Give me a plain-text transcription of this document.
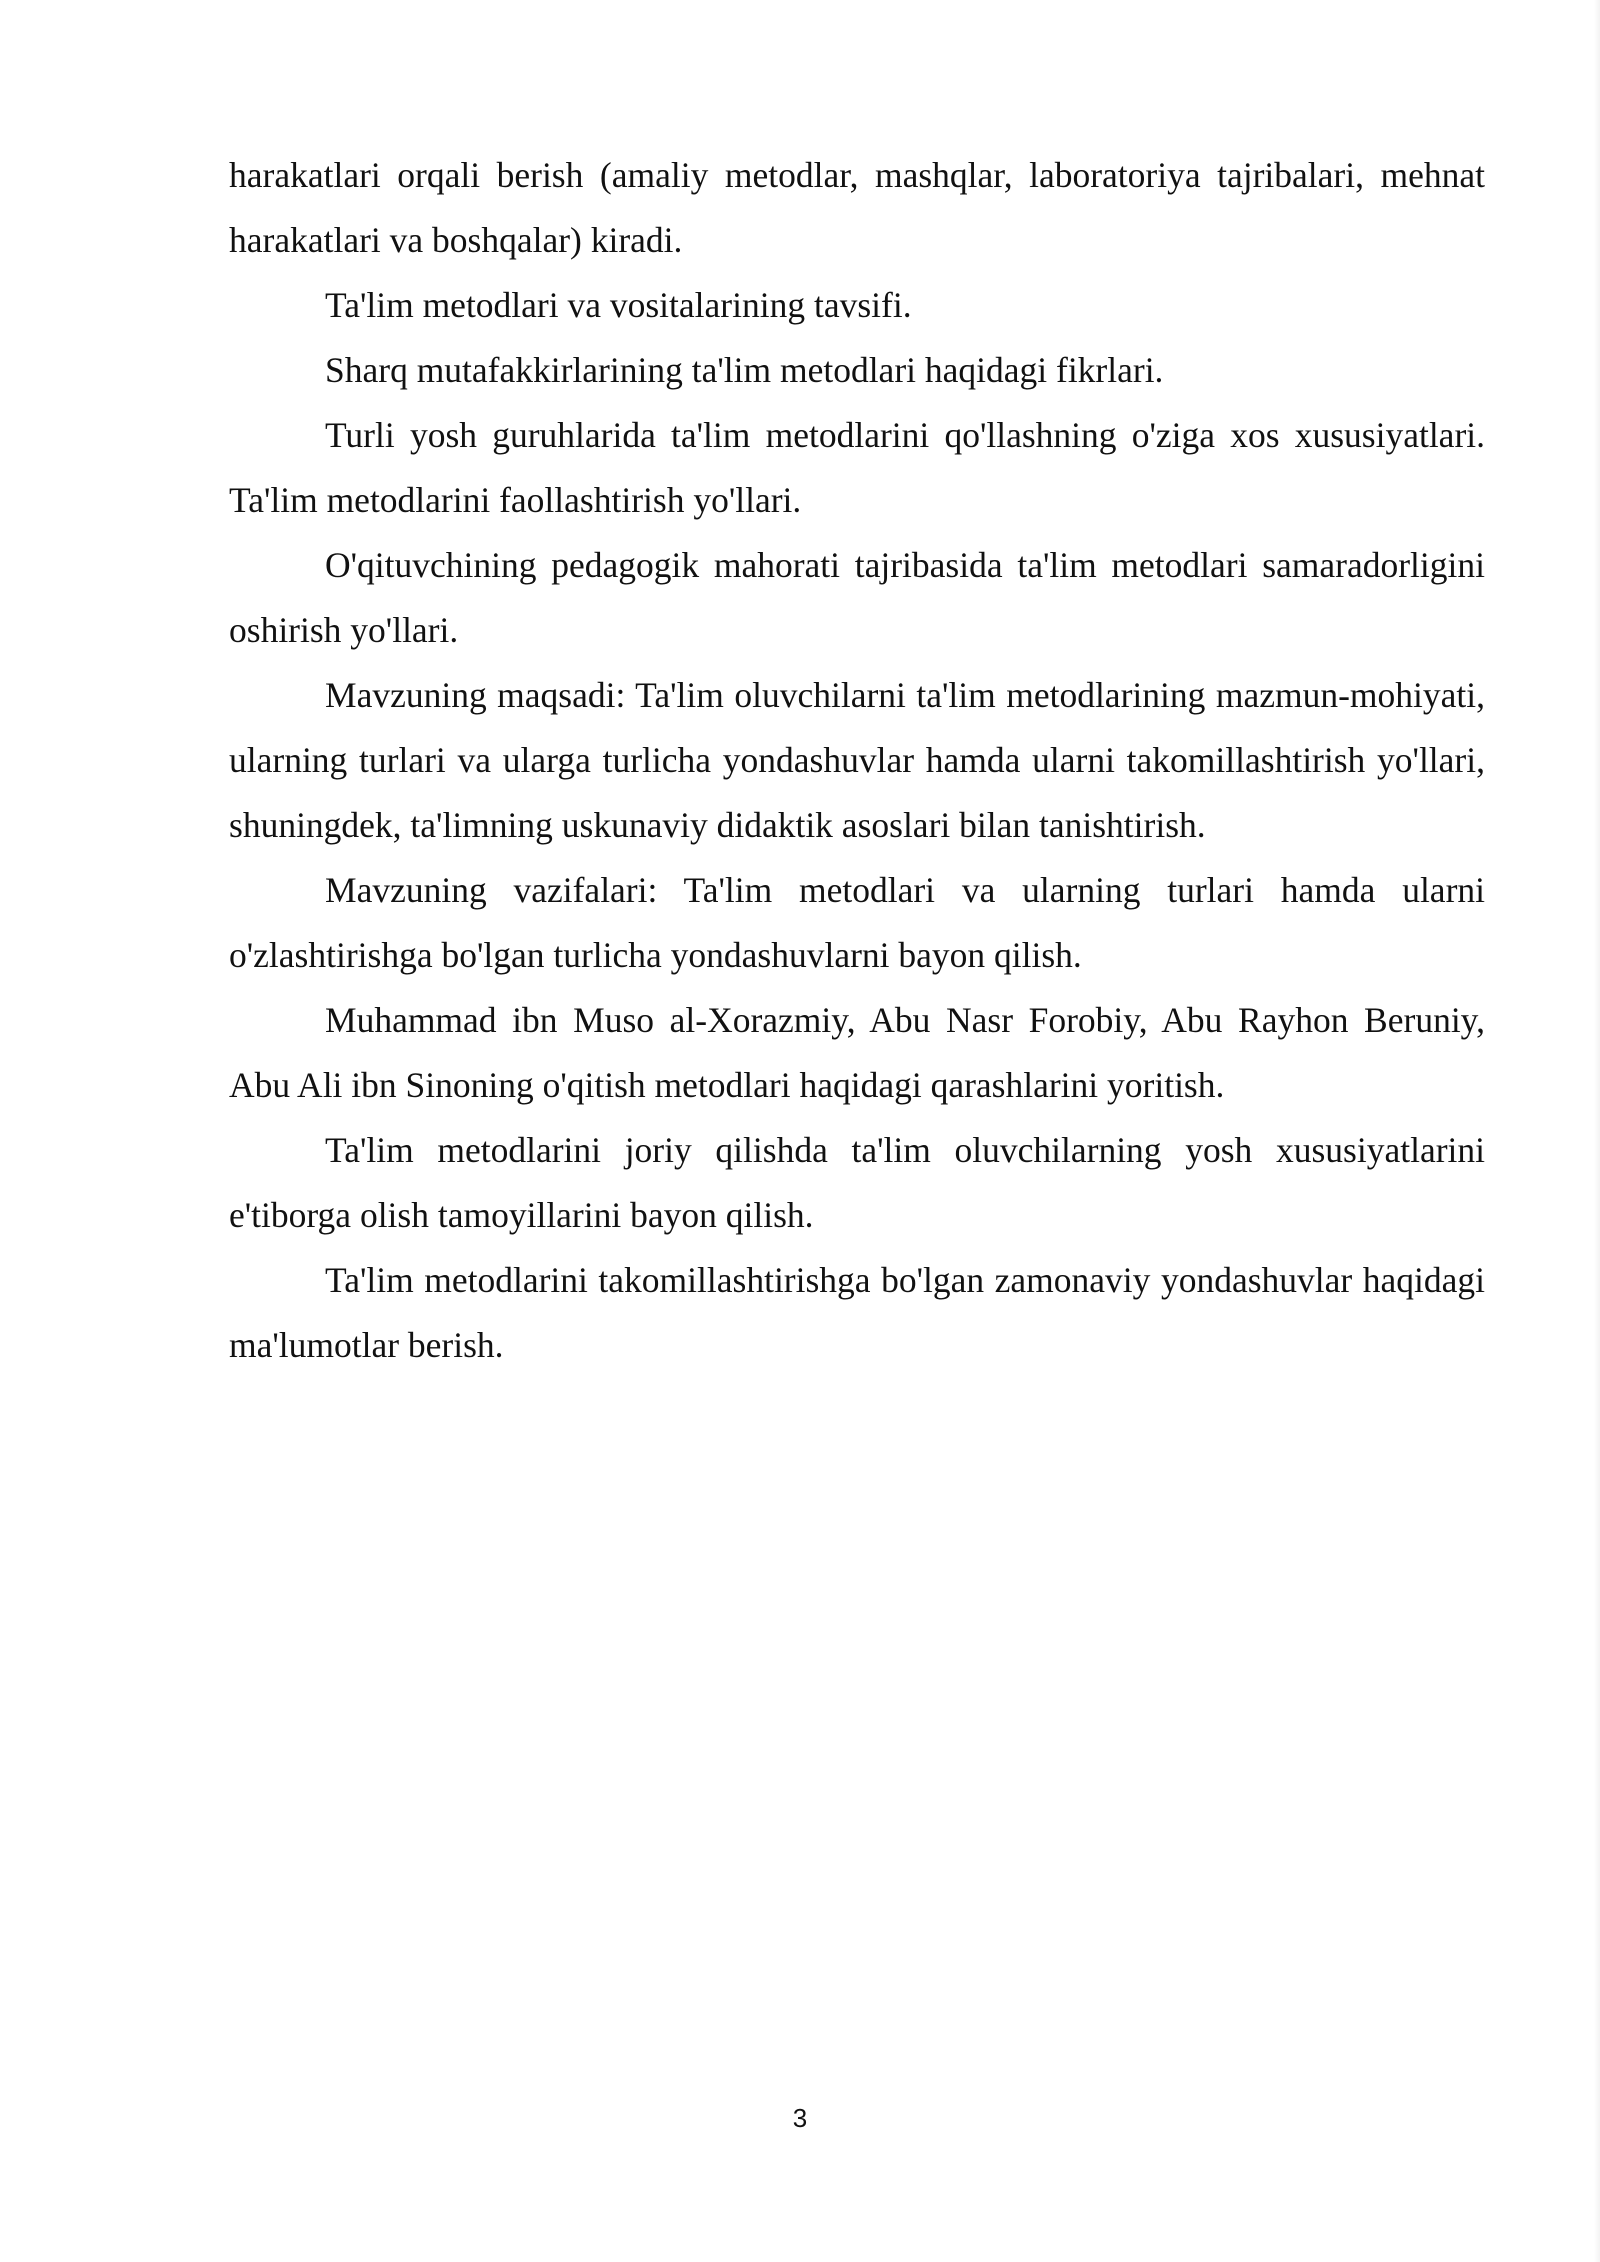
harakatlari orqali berish (amaliy metodlar, mashqlar, laboratoriya tajribalari, mehnat harakatlari va boshqalar) kiradi.

Ta'lim metodlari va vositalarining tavsifi.

Sharq mutafakkirlarining ta'lim metodlari haqidagi fikrlari.

Turli yosh guruhlarida ta'lim metodlarini qo'llashning o'ziga xos xususiyatlari. Ta'lim metodlarini faollashtirish yo'llari.

O'qituvchining pedagogik mahorati tajribasida ta'lim metodlari samaradorligini oshirish yo'llari.

Mavzuning maqsadi: Ta'lim oluvchilarni ta'lim metodlarining mazmun-mohiyati, ularning turlari va ularga turlicha yondashuvlar hamda ularni takomillashtirish yo'llari, shuningdek, ta'limning uskunaviy didaktik asoslari bilan tanishtirish.

Mavzuning vazifalari: Ta'lim metodlari va ularning turlari hamda ularni o'zlashtirishga bo'lgan turlicha yondashuvlarni bayon qilish.

Muhammad ibn Muso al-Xorazmiy, Abu Nasr Forobiy, Abu Rayhon Beruniy, Abu Ali ibn Sinoning o'qitish metodlari haqidagi qarashlarini yoritish.

Ta'lim metodlarini joriy qilishda ta'lim oluvchilarning yosh xususiyatlarini e'tiborga olish tamoyillarini bayon qilish.

Ta'lim metodlarini takomillashtirishga bo'lgan zamonaviy yondashuvlar haqidagi ma'lumotlar berish.

3
